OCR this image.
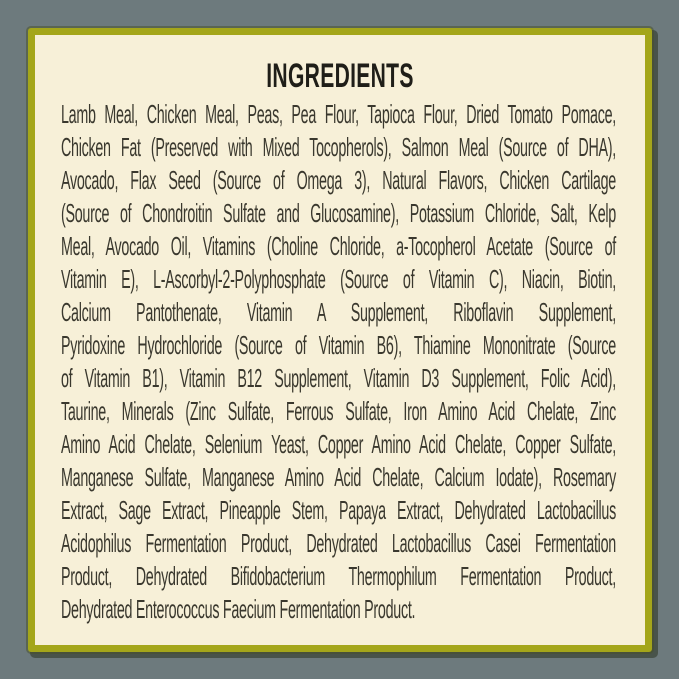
INGREDIENTS
Lamb Meal, Chicken Meal, Peas, Pea Flour, Tapioca Flour, Dried Tomato Pomace,
Chicken Fat (Preserved with Mixed Tocopherols), Salmon Meal (Source of DHA),
Avocado, Flax Seed (Source of Omega 3), Natural Flavors, Chicken Cartilage
(Source of Chondroitin Sulfate and Glucosamine), Potassium Chloride, Salt, Kelp
Meal, Avocado Oil, Vitamins (Choline Chloride, a-Tocopherol Acetate (Source of
Vitamin E), L-Ascorbyl-2-Polyphosphate (Source of Vitamin C), Niacin, Biotin,
Calcium Pantothenate, Vitamin A Supplement, Riboflavin Supplement,
Pyridoxine Hydrochloride (Source of Vitamin B6), Thiamine Mononitrate (Source
of Vitamin B1), Vitamin B12 Supplement, Vitamin D3 Supplement, Folic Acid),
Taurine, Minerals (Zinc Sulfate, Ferrous Sulfate, Iron Amino Acid Chelate, Zinc
Amino Acid Chelate, Selenium Yeast, Copper Amino Acid Chelate, Copper Sulfate,
Manganese Sulfate, Manganese Amino Acid Chelate, Calcium Iodate), Rosemary
Extract, Sage Extract, Pineapple Stem, Papaya Extract, Dehydrated Lactobacillus
Acidophilus Fermentation Product, Dehydrated Lactobacillus Casei Fermentation
Product, Dehydrated Bifidobacterium Thermophilum Fermentation Product,
Dehydrated Enterococcus Faecium Fermentation Product.
